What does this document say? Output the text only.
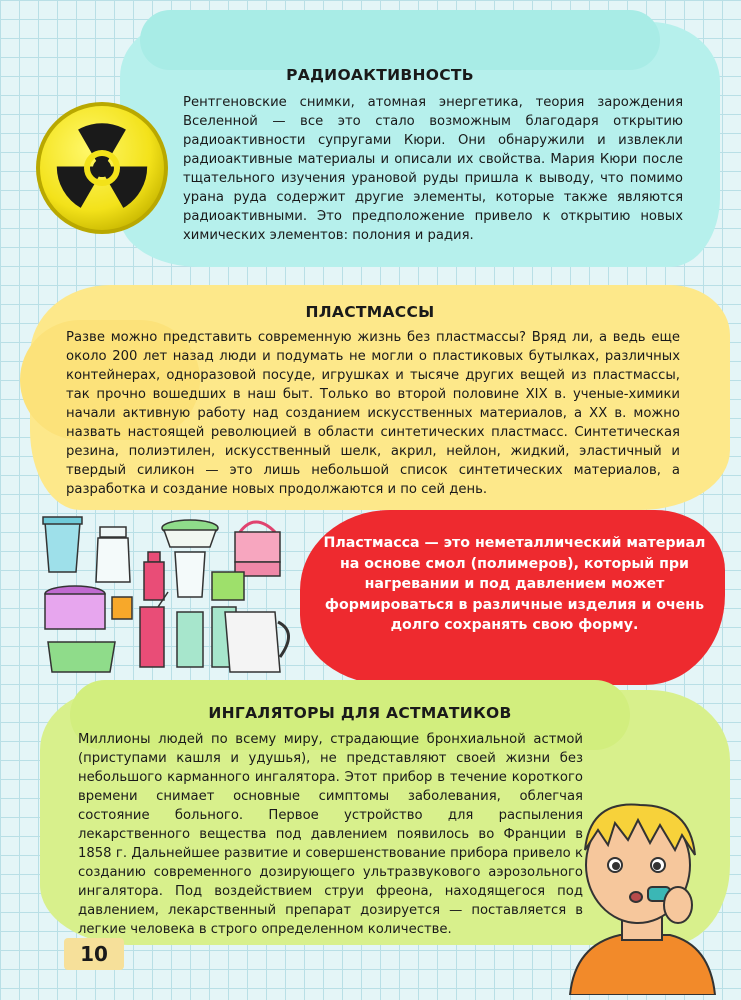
РАДИОАКТИВНОСТЬ

Рентгеновские снимки, атомная энергетика, теория зарождения Вселенной — все это стало возможным благодаря открытию радиоактивности супругами Кюри. Они обнаружили и извлекли радиоактивные материалы и описали их свойства. Мария Кюри после тщательного изучения урановой руды пришла к выводу, что помимо урана руда содержит другие элементы, которые также являются радиоактивными. Это предположение привело к открытию новых химических элементов: полония и радия.

ПЛАСТМАССЫ

Разве можно представить современную жизнь без пластмассы? Вряд ли, а ведь еще около 200 лет назад люди и подумать не могли о пластиковых бутылках, различных контейнерах, одноразовой посуде, игрушках и тысяче других вещей из пластмассы, так прочно вошедших в наш быт. Только во второй половине XIX в. ученые-химики начали активную работу над созданием искусственных материалов, а XX в. можно назвать настоящей революцией в области синтетических пластмасс. Синтетическая резина, полиэтилен, искусственный шелк, акрил, нейлон, жидкий, эластичный и твердый силикон — это лишь небольшой список синтетических материалов, а разработка и создание новых продолжаются и по сей день.

Пластмасса — это неметаллический материал на основе смол (полимеров), который при нагревании и под давлением может формироваться в различные изделия и очень долго сохранять свою форму.

ИНГАЛЯТОРЫ ДЛЯ АСТМАТИКОВ

Миллионы людей по всему миру, страдающие бронхиальной астмой (приступами кашля и удушья), не представляют своей жизни без небольшого карманного ингалятора. Этот прибор в течение короткого времени снимает основные симптомы заболевания, облегчая состояние больного. Первое устройство для распыления лекарственного вещества под давлением появилось во Франции в 1858 г. Дальнейшее развитие и совершенствование прибора привело к созданию современного дозирующего ультразвукового аэрозольного ингалятора. Под воздействием струи фреона, находящегося под давлением, лекарственный препарат дозируется — поставляется в легкие человека в строго определенном количестве.

10
